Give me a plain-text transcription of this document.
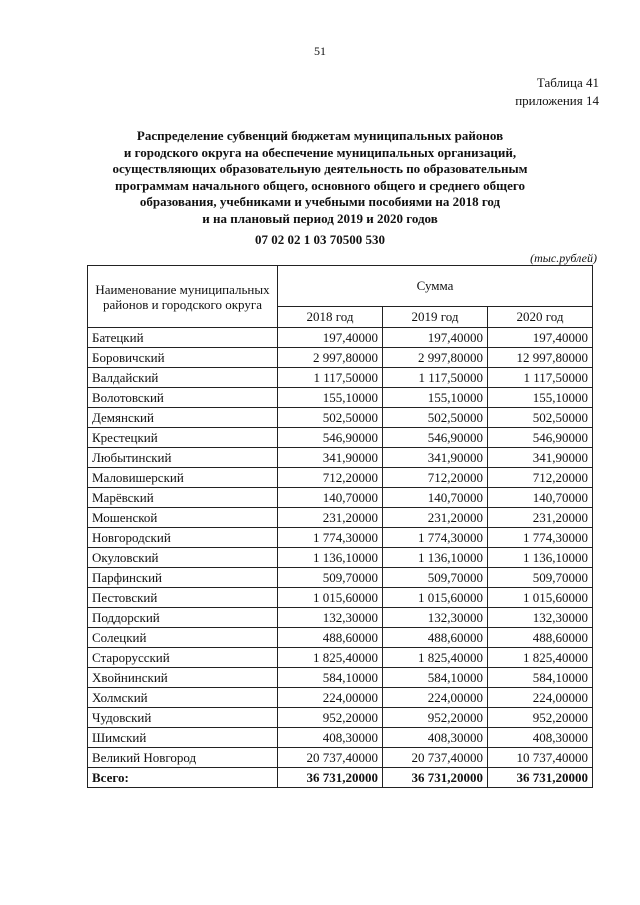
51
Таблица 41
приложения 14
Распределение субвенций бюджетам муниципальных районов
и городского округа на обеспечение муниципальных организаций,
осуществляющих образовательную деятельность по образовательным
программам начального общего, основного общего и среднего общего
образования, учебниками и учебными пособиями на 2018 год
и на плановый период 2019 и 2020 годов
07 02 02 1 03 70500 530
(тыс.рублей)
Наименование муниципальных районов и городского округа	Сумма		
	2018 год	2019 год	2020 год
Батецкий	197,40000	197,40000	197,40000
Боровичский	2 997,80000	2 997,80000	12 997,80000
Валдайский	1 117,50000	1 117,50000	1 117,50000
Волотовский	155,10000	155,10000	155,10000
Демянский	502,50000	502,50000	502,50000
Крестецкий	546,90000	546,90000	546,90000
Любытинский	341,90000	341,90000	341,90000
Маловишерский	712,20000	712,20000	712,20000
Марёвский	140,70000	140,70000	140,70000
Мошенской	231,20000	231,20000	231,20000
Новгородский	1 774,30000	1 774,30000	1 774,30000
Окуловский	1 136,10000	1 136,10000	1 136,10000
Парфинский	509,70000	509,70000	509,70000
Пестовский	1 015,60000	1 015,60000	1 015,60000
Поддорский	132,30000	132,30000	132,30000
Солецкий	488,60000	488,60000	488,60000
Старорусский	1 825,40000	1 825,40000	1 825,40000
Хвойнинский	584,10000	584,10000	584,10000
Холмский	224,00000	224,00000	224,00000
Чудовский	952,20000	952,20000	952,20000
Шимский	408,30000	408,30000	408,30000
Великий Новгород	20 737,40000	20 737,40000	10 737,40000
Всего:	36 731,20000	36 731,20000	36 731,20000
